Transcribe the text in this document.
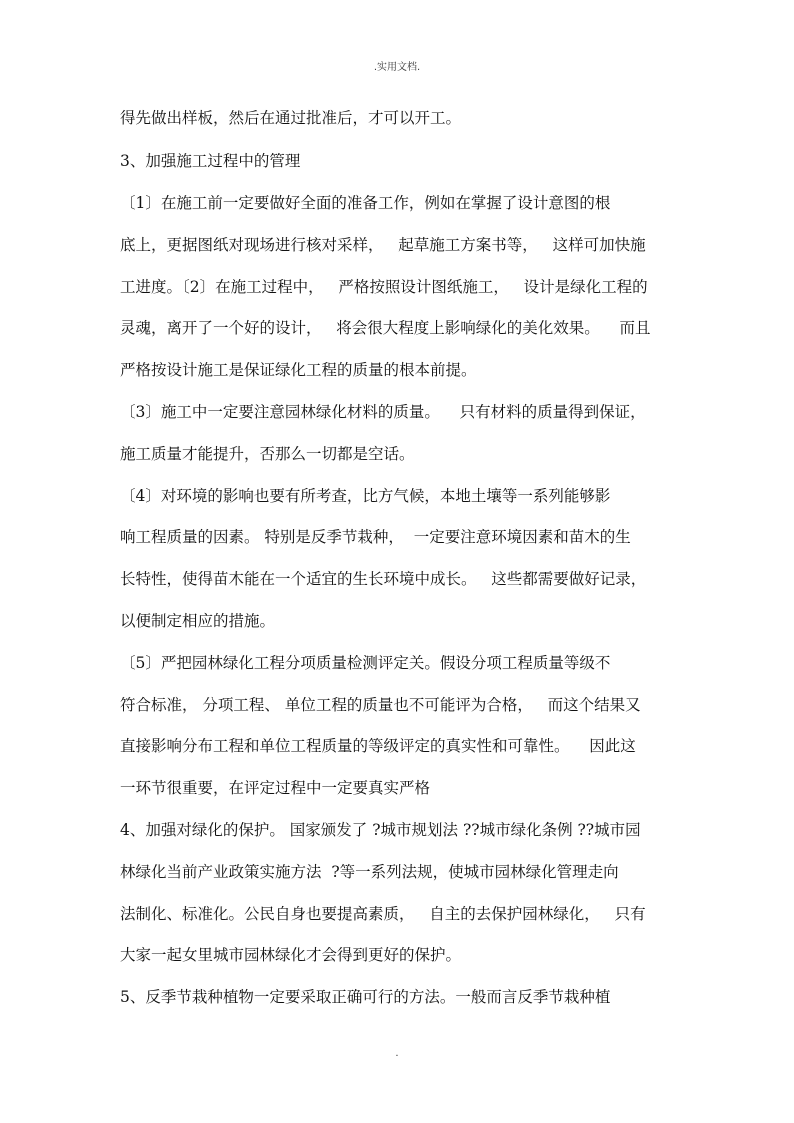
.实用文档.
得先做出样板，然后在通过批准后，才可以开工。
3、加强施工过程中的管理
〔1〕在施工前一定要做好全面的准备工作，例如在掌握了设计意图的根
底上，更据图纸对现场进行核对采样，   起草施工方案书等，   这样可加快施
工进度。〔2〕在施工过程中，   严格按照设计图纸施工，   设计是绿化工程的
灵魂，离开了一个好的设计，   将会很大程度上影响绿化的美化效果。    而且
严格按设计施工是保证绿化工程的质量的根本前提。
〔3〕施工中一定要注意园林绿化材料的质量。    只有材料的质量得到保证，
施工质量才能提升，否那么一切都是空话。
〔4〕对环境的影响也要有所考查，比方气候，本地土壤等一系列能够影
响工程质量的因素。 特别是反季节栽种，  一定要注意环境因素和苗木的生
长特性，使得苗木能在一个适宜的生长环境中成长。   这些都需要做好记录，
以便制定相应的措施。
〔5〕严把园林绿化工程分项质量检测评定关。假设分项工程质量等级不
符合标准， 分项工程、 单位工程的质量也不可能评为合格，   而这个结果又
直接影响分布工程和单位工程质量的等级评定的真实性和可靠性。    因此这
一环节很重要，在评定过程中一定要真实严格
4、加强对绿化的保护。 国家颁发了 ?城市规划法 ??城市绿化条例 ??城市园
林绿化当前产业政策实施方法  ?等一系列法规，使城市园林绿化管理走向
法制化、标准化。公民自身也要提高素质，   自主的去保护园林绿化，   只有
大家一起女里城市园林绿化才会得到更好的保护。
5、反季节栽种植物一定要采取正确可行的方法。一般而言反季节栽种植
.
